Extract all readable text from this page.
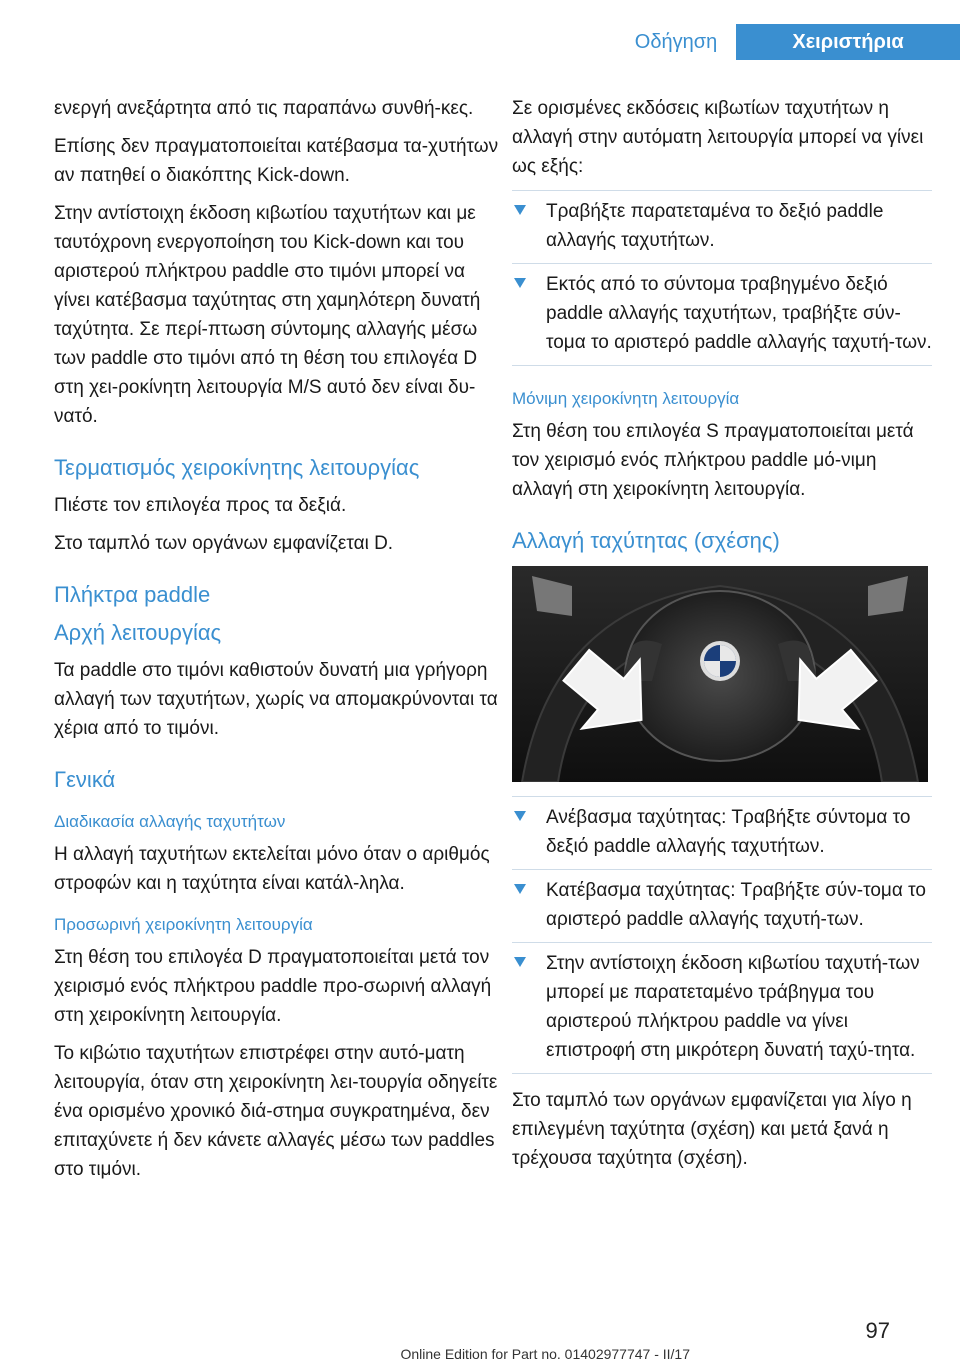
Οδήγηση	Χειριστήρια

ενεργή ανεξάρτητα από τις παραπάνω συνθή‐κες.

Επίσης δεν πραγματοποιείται κατέβασμα τα‐χυτήτων αν πατηθεί ο διακόπτης Kick-down.

Στην αντίστοιχη έκδοση κιβωτίου ταχυτήτων και με ταυτόχρονη ενεργοποίηση του Kick-down και του αριστερού πλήκτρου paddle στο τιμόνι μπορεί να γίνει κατέβασμα ταχύτητας στη χαμηλότερη δυνατή ταχύτητα. Σε περί‐πτωση σύντομης αλλαγής μέσω των paddle στο τιμόνι από τη θέση του επιλογέα D στη χει‐ροκίνητη λειτουργία M/S αυτό δεν είναι δυ‐νατό.

Τερματισμός χειροκίνητης λειτουργίας

Πιέστε τον επιλογέα προς τα δεξιά.

Στο ταμπλό των οργάνων εμφανίζεται D.

Πλήκτρα paddle
Αρχή λειτουργίας

Τα paddle στο τιμόνι καθιστούν δυνατή μια γρήγορη αλλαγή των ταχυτήτων, χωρίς να απομακρύνονται τα χέρια από το τιμόνι.

Γενικά
Διαδικασία αλλαγής ταχυτήτων

Η αλλαγή ταχυτήτων εκτελείται μόνο όταν ο αριθμός στροφών και η ταχύτητα είναι κατάλ‐ληλα.

Προσωρινή χειροκίνητη λειτουργία

Στη θέση του επιλογέα D πραγματοποιείται μετά τον χειρισμό ενός πλήκτρου paddle προ‐σωρινή αλλαγή στη χειροκίνητη λειτουργία.

Το κιβώτιο ταχυτήτων επιστρέφει στην αυτό‐ματη λειτουργία, όταν στη χειροκίνητη λει‐τουργία οδηγείτε ένα ορισμένο χρονικό διά‐στημα συγκρατημένα, δεν επιταχύνετε ή δεν κάνετε αλλαγές μέσω των paddles στο τιμόνι.

Σε ορισμένες εκδόσεις κιβωτίων ταχυτήτων η αλλαγή στην αυτόματη λειτουργία μπορεί να γίνει ως εξής:

Τραβήξτε παρατεταμένα το δεξιό paddle αλλαγής ταχυτήτων.
Εκτός από το σύντομα τραβηγμένο δεξιό paddle αλλαγής ταχυτήτων, τραβήξτε σύν‐τομα το αριστερό paddle αλλαγής ταχυτή‐των.
Μόνιμη χειροκίνητη λειτουργία

Στη θέση του επιλογέα S πραγματοποιείται μετά τον χειρισμό ενός πλήκτρου paddle μό‐νιμη αλλαγή στη χειροκίνητη λειτουργία.

Αλλαγή ταχύτητας (σχέσης)
Ανέβασμα ταχύτητας: Τραβήξτε σύντομα το δεξιό paddle αλλαγής ταχυτήτων.
Κατέβασμα ταχύτητας: Τραβήξτε σύν‐τομα το αριστερό paddle αλλαγής ταχυτή‐των.
Στην αντίστοιχη έκδοση κιβωτίου ταχυτή‐των μπορεί με παρατεταμένο τράβηγμα του αριστερού πλήκτρου paddle να γίνει επιστροφή στη μικρότερη δυνατή ταχύ‐τητα.

Στο ταμπλό των οργάνων εμφανίζεται για λίγο η επιλεγμένη ταχύτητα (σχέση) και μετά ξανά η τρέχουσα ταχύτητα (σχέση).

97
Online Edition for Part no. 01402977747 - II/17
